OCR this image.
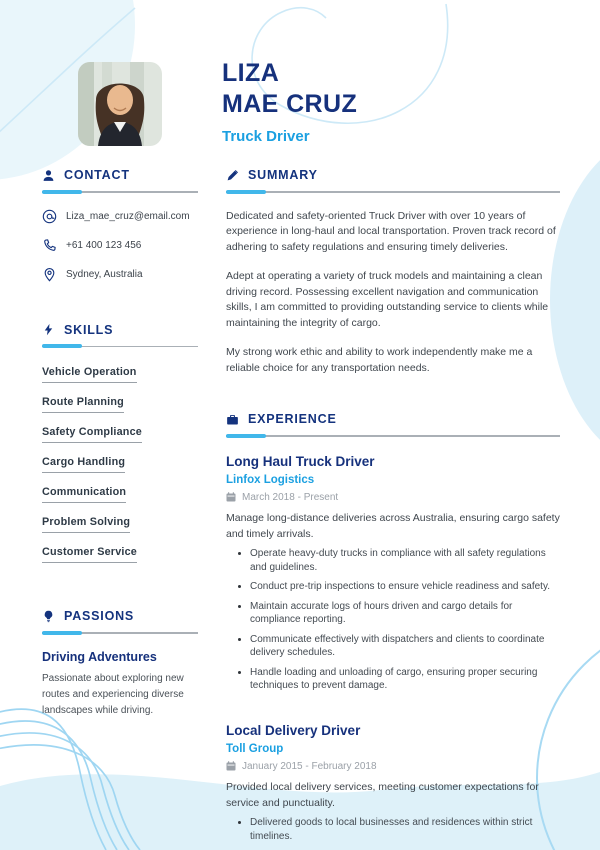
LIZA
MAE CRUZ
Truck Driver
CONTACT
Liza_mae_cruz@email.com
+61 400 123 456
Sydney, Australia
SKILLS
Vehicle Operation
Route Planning
Safety Compliance
Cargo Handling
Communication
Problem Solving
Customer Service
PASSIONS
Driving Adventures
Passionate about exploring new routes and experiencing diverse landscapes while driving.
SUMMARY

Dedicated and safety-oriented Truck Driver with over 10 years of experience in long-haul and local transportation. Proven track record of adhering to safety regulations and ensuring timely deliveries.

Adept at operating a variety of truck models and maintaining a clean driving record. Possessing excellent navigation and communication skills, I am committed to providing outstanding service to clients while maintaining the integrity of cargo.

My strong work ethic and ability to work independently make me a reliable choice for any transportation needs.

EXPERIENCE
Long Haul Truck Driver
Linfox Logistics
March 2018 - Present
Manage long-distance deliveries across Australia, ensuring cargo safety and timely arrivals.
• Operate heavy-duty trucks in compliance with all safety regulations and guidelines.
• Conduct pre-trip inspections to ensure vehicle readiness and safety.
• Maintain accurate logs of hours driven and cargo details for compliance reporting.
• Communicate effectively with dispatchers and clients to coordinate delivery schedules.
• Handle loading and unloading of cargo, ensuring proper securing techniques to prevent damage.
Local Delivery Driver
Toll Group
January 2015 - February 2018
Provided local delivery services, meeting customer expectations for service and punctuality.
• Delivered goods to local businesses and residences within strict timelines.
